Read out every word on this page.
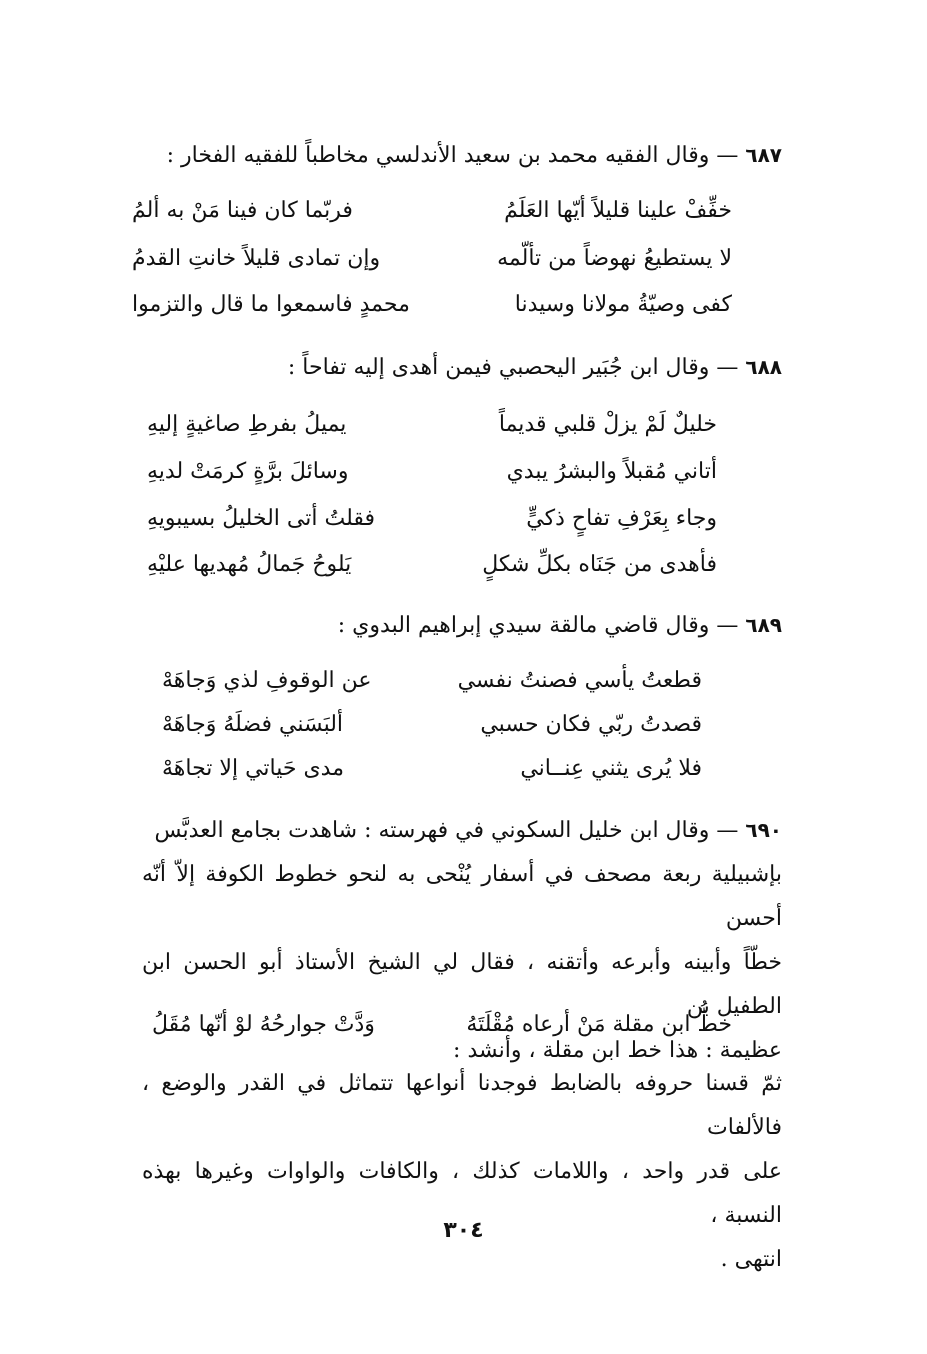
٦٨٧ — وقال الفقيه محمد بن سعيد الأندلسي مخاطباً للفقيه الفخار :
خفِّفْ علينا قليلاً أيّها العَلَمُ
فربّما كان فينا مَنْ به ألمُ
لا يستطيعُ نهوضاً من تألّمه
وإن تمادى قليلاً خانتِ القدمُ
كفى وصيّةُ مولانا وسيدنا
محمدٍ فاسمعوا ما قال والتزموا
٦٨٨ — وقال ابن جُبَير اليحصبي فيمن أهدى إليه تفاحاً :
خليلٌ لَمْ يزلْ قلبي قديماً
يميلُ بفرطِ صاغيةٍ إليهِ
أتاني مُقبلاً والبشرُ يبدي
وسائلَ برَّةٍ كرمَتْ لديهِ
وجاء بِعَرْفِ تفاحٍ ذكيٍّ
فقلتُ أتى الخليلُ بسيبويهِ
فأهدى من جَنَاه بكلِّ شكلٍ
يَلوحُ جَمالُ مُهديها عليْهِ
٦٨٩ — وقال قاضي مالقة سيدي إبراهيم البدوي :
قطعتُ يأسي فصنتُ نفسي
عن الوقوفِ لذي وَجاهَهْ
قصدتُ ربّي فكان حسبي
ألبَسَني فضلَهُ وَجاهَهْ
فلا يُرى يثني عِنــاني
مدى حَياتي إلا تجاهَهْ

٦٩٠ — وقال ابن خليل السكوني في فهرسته : شاهدت بجامع العدبَّس

بإشبيلية ربعة مصحف في أسفار يُنْحى به لنحو خطوط الكوفة إلاّ أنّه أحسن

خطّاً وأبينه وأبرعه وأتقنه ، فقال لي الشيخ الأستاذ أبو الحسن ابن الطفيل بن

عظيمة : هذا خط ابن مقلة ، وأنشد :

خطُّ ابن مقلة مَنْ أرعاه مُقْلَتَهُ
وَدَّتْ جوارحُهُ لوْ أنّها مُقَلُ

ثمّ قسنا حروفه بالضابط فوجدنا أنواعها تتماثل في القدر والوضع ، فالألفات

على قدر واحد ، واللامات كذلك ، والكافات والواوات وغيرها بهذه النسبة ،

انتهى .

٣٠٤
